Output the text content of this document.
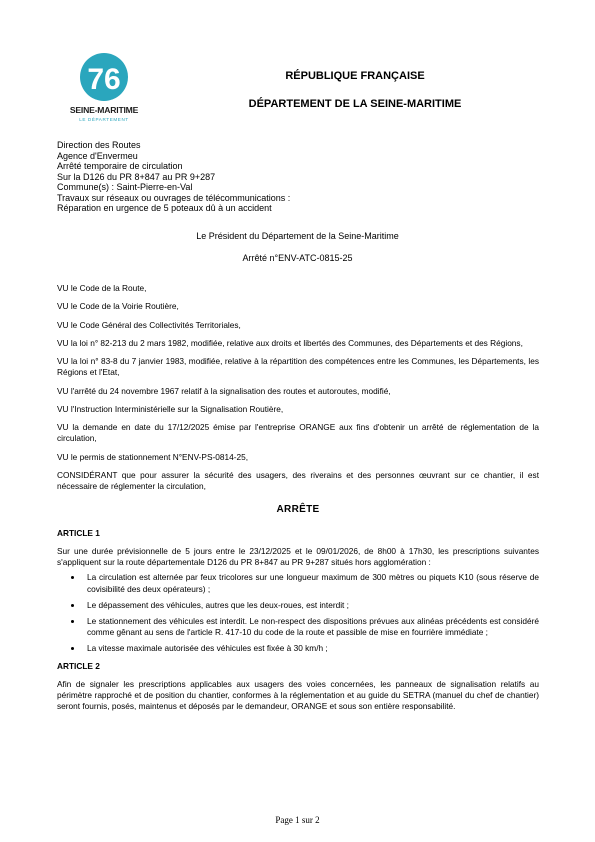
76
SEINE-MARITIME
LE DÉPARTEMENT
RÉPUBLIQUE FRANÇAISE
DÉPARTEMENT DE LA SEINE-MARITIME
Direction des Routes
Agence d'Envermeu
Arrêté temporaire de circulation
Sur la D126 du PR 8+847 au PR 9+287
Commune(s) : Saint-Pierre-en-Val
Travaux sur réseaux ou ouvrages de télécommunications :
Réparation en urgence de 5 poteaux dû à un accident
Le Président du Département de la Seine-Maritime
Arrêté n°ENV-ATC-0815-25
VU le Code de la Route,
VU le Code de la Voirie Routière,
VU le Code Général des Collectivités Territoriales,
VU la loi n° 82-213 du 2 mars 1982, modifiée, relative aux droits et libertés des Communes, des Départements et des Régions,
VU la loi n° 83-8 du 7 janvier 1983, modifiée, relative à la répartition des compétences entre les Communes, les Départements, les Régions et l'Etat,
VU l'arrêté du 24 novembre 1967 relatif à la signalisation des routes et autoroutes, modifié,
VU l'Instruction Interministérielle sur la Signalisation Routière,
VU la demande en date du 17/12/2025 émise par l'entreprise ORANGE aux fins d'obtenir un arrêté de réglementation de la circulation,
VU le permis de stationnement N°ENV-PS-0814-25,
CONSIDÉRANT que pour assurer la sécurité des usagers, des riverains et des personnes œuvrant sur ce chantier, il est nécessaire de réglementer la circulation,
ARRÊTE
ARTICLE 1
Sur une durée prévisionnelle de 5 jours entre le 23/12/2025 et le 09/01/2026, de 8h00 à 17h30, les prescriptions suivantes s'appliquent sur la route départementale D126 du PR 8+847 au PR 9+287 situés hors agglomération :
• La circulation est alternée par feux tricolores sur une longueur maximum de 300 mètres ou piquets K10 (sous réserve de covisibilité des deux opérateurs) ;
• Le dépassement des véhicules, autres que les deux-roues, est interdit ;
• Le stationnement des véhicules est interdit. Le non-respect des dispositions prévues aux alinéas précédents est considéré comme gênant au sens de l'article R. 417-10 du code de la route et passible de mise en fourrière immédiate ;
• La vitesse maximale autorisée des véhicules est fixée à 30 km/h ;
ARTICLE 2
Afin de signaler les prescriptions applicables aux usagers des voies concernées, les panneaux de signalisation relatifs au périmètre rapproché et de position du chantier, conformes à la réglementation et au guide du SETRA (manuel du chef de chantier) seront fournis, posés, maintenus et déposés par le demandeur, ORANGE et sous son entière responsabilité.
Page 1 sur 2
